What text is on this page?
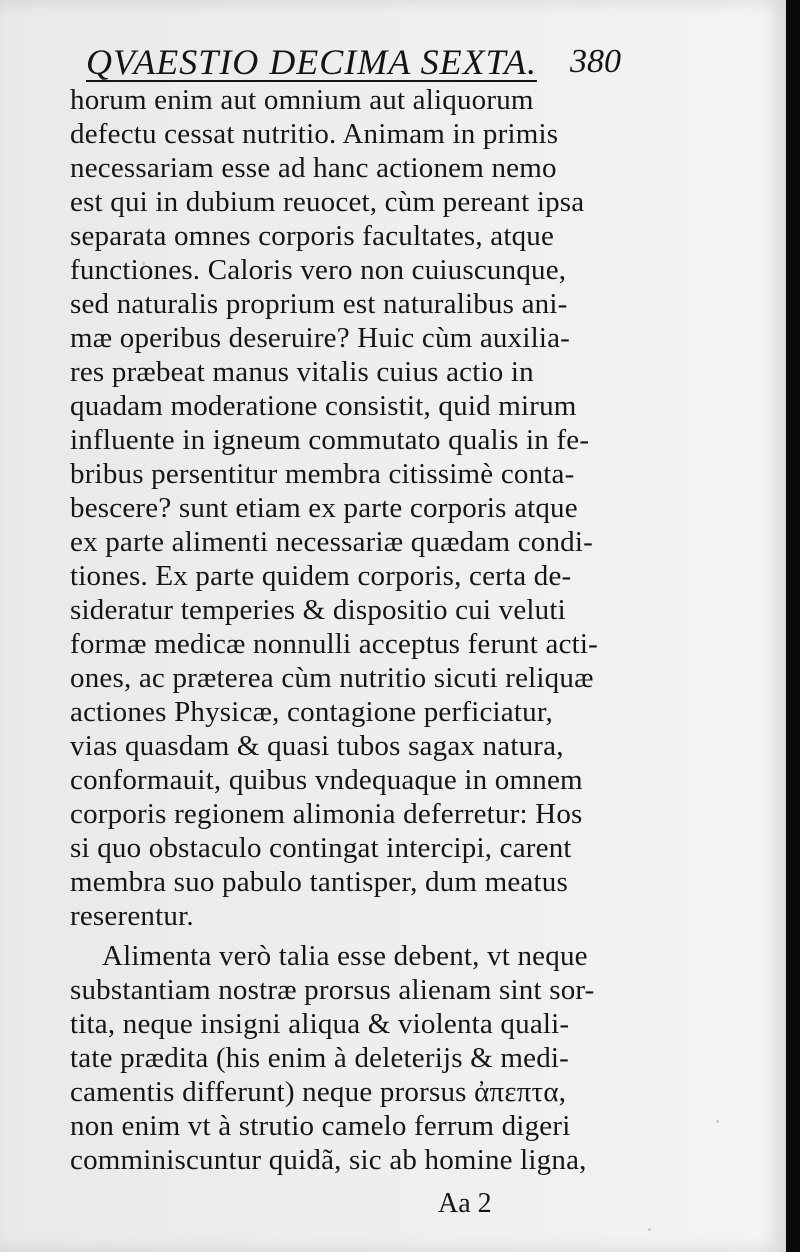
QVAESTIO DECIMA SEXTA. 380
horum enim aut omnium aut aliquorum
defectu cessat nutritio. Animam in primis
necessariam esse ad hanc actionem nemo
est qui in dubium reuocet, cùm pereant ipsa
separata omnes corporis facultates, atque
functiones. Caloris vero non cuiuscunque,
sed naturalis proprium est naturalibus ani-
mæ operibus deseruire? Huic cùm auxilia-
res præbeat manus vitalis cuius actio in
quadam moderatione consistit, quid mirum
influente in igneum commutato qualis in fe-
bribus persentitur membra citissimè conta-
bescere? sunt etiam ex parte corporis atque
ex parte alimenti necessariæ quædam condi-
tiones. Ex parte quidem corporis, certa de-
sideratur temperies & dispositio cui veluti
formæ medicæ nonnulli acceptus ferunt acti-
ones, ac præterea cùm nutritio sicuti reliquæ
actiones Physicæ, contagione perficiatur,
vias quasdam & quasi tubos sagax natura,
conformauit, quibus vndequaque in omnem
corporis regionem alimonia deferretur: Hos
si quo obstaculo contingat intercipi, carent
membra suo pabulo tantisper, dum meatus
reserentur.
Alimenta verò talia esse debent, vt neque
substantiam nostræ prorsus alienam sint sor-
tita, neque insigni aliqua & violenta quali-
tate prædita (his enim à deleterijs & medi-
camentis differunt) neque prorsus ἀπεπτα,
non enim vt à strutio camelo ferrum digeri
comminiscuntur quidã, sic ab homine ligna,
Aa 2
